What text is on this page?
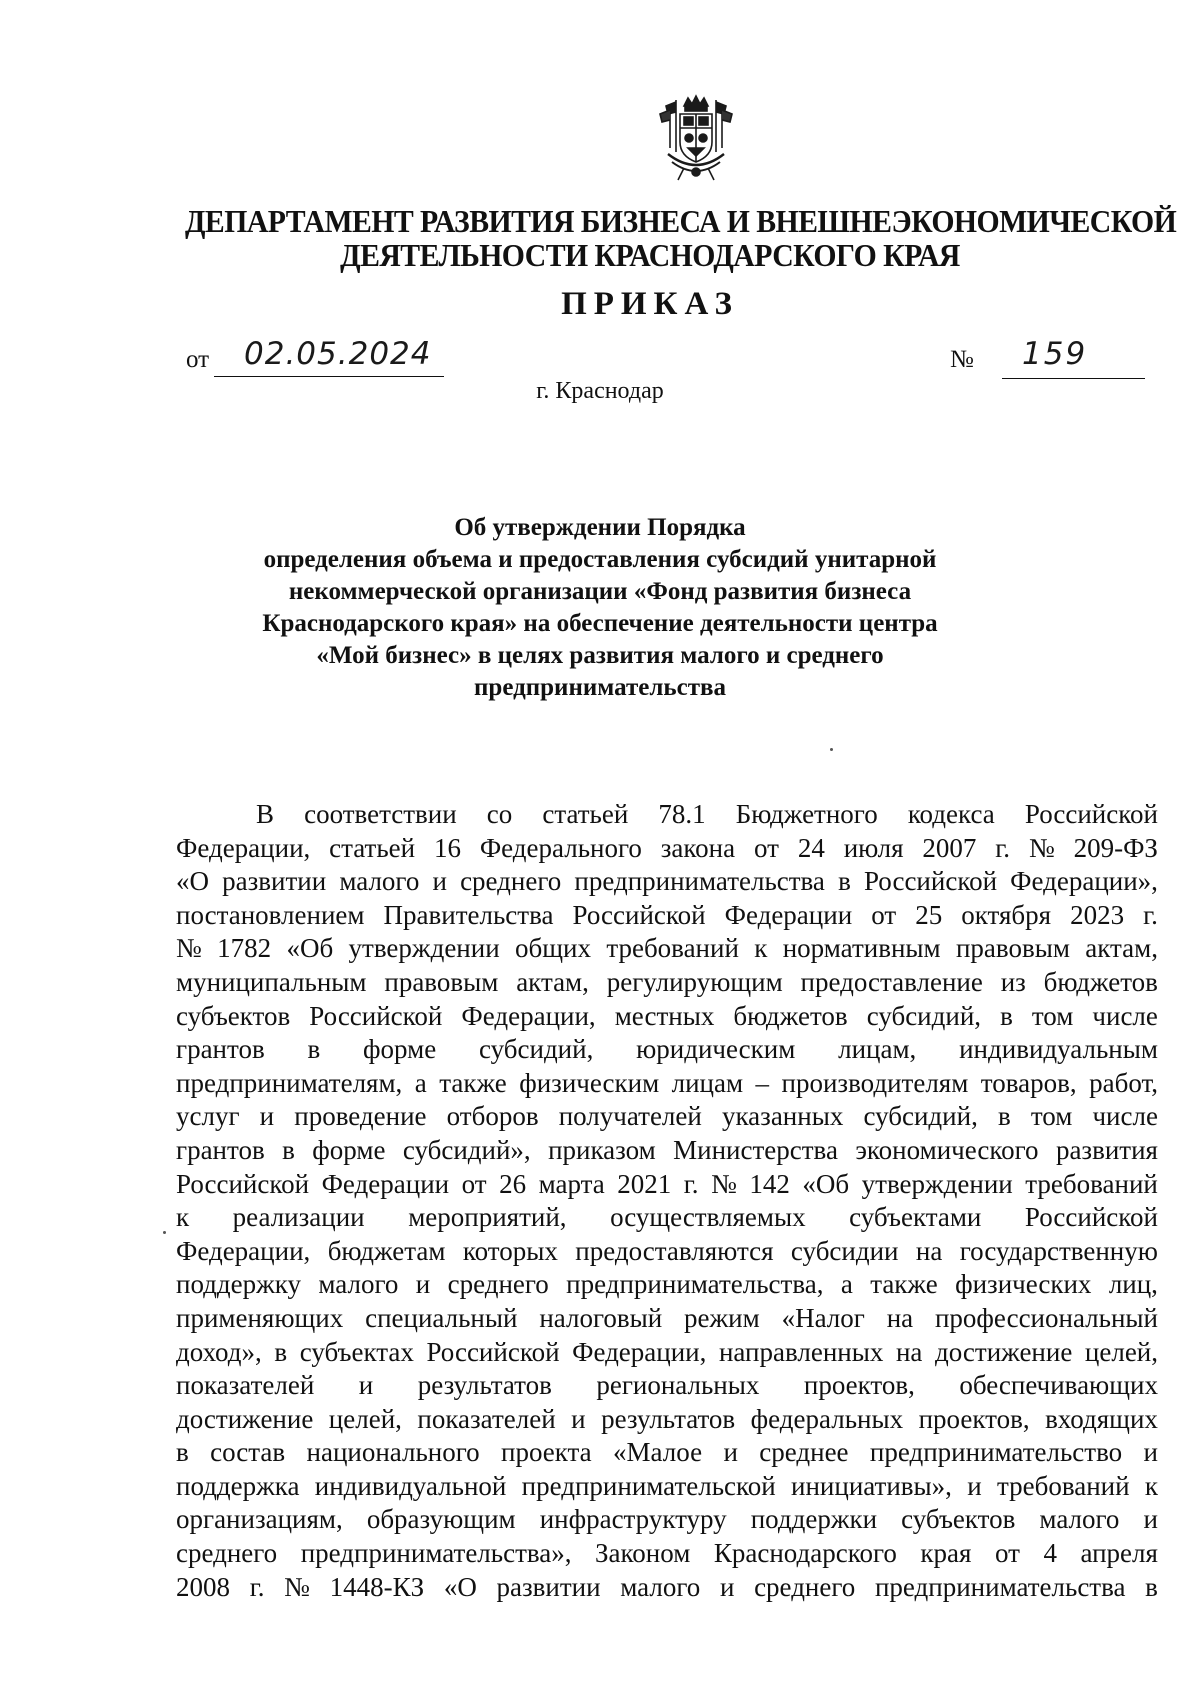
ДЕПАРТАМЕНТ РАЗВИТИЯ БИЗНЕСА И ВНЕШНЕЭКОНОМИЧЕСКОЙ
ДЕЯТЕЛЬНОСТИ КРАСНОДАРСКОГО КРАЯ
ПРИКАЗ
от 02.05.2024	№ 159
г. Краснодар
Об утверждении Порядка
определения объема и предоставления субсидий унитарной
некоммерческой организации «Фонд развития бизнеса
Краснодарского края» на обеспечение деятельности центра
«Мой бизнес» в целях развития малого и среднего
предпринимательства
В соответствии со статьей 78.1 Бюджетного кодекса Российской
Федерации, статьей 16 Федерального закона от 24 июля 2007 г. № 209-ФЗ
«О развитии малого и среднего предпринимательства в Российской Федерации»,
постановлением Правительства Российской Федерации от 25 октября 2023 г.
№ 1782 «Об утверждении общих требований к нормативным правовым актам,
муниципальным правовым актам, регулирующим предоставление из бюджетов
субъектов Российской Федерации, местных бюджетов субсидий, в том числе
грантов в форме субсидий, юридическим лицам, индивидуальным
предпринимателям, а также физическим лицам – производителям товаров, работ,
услуг и проведение отборов получателей указанных субсидий, в том числе
грантов в форме субсидий», приказом Министерства экономического развития
Российской Федерации от 26 марта 2021 г. № 142 «Об утверждении требований
к реализации мероприятий, осуществляемых субъектами Российской
Федерации, бюджетам которых предоставляются субсидии на государственную
поддержку малого и среднего предпринимательства, а также физических лиц,
применяющих специальный налоговый режим «Налог на профессиональный
доход», в субъектах Российской Федерации, направленных на достижение целей,
показателей и результатов региональных проектов, обеспечивающих
достижение целей, показателей и результатов федеральных проектов, входящих
в состав национального проекта «Малое и среднее предпринимательство и
поддержка индивидуальной предпринимательской инициативы», и требований к
организациям, образующим инфраструктуру поддержки субъектов малого и
среднего предпринимательства», Законом Краснодарского края от 4 апреля
2008 г. № 1448-КЗ «О развитии малого и среднего предпринимательства в
